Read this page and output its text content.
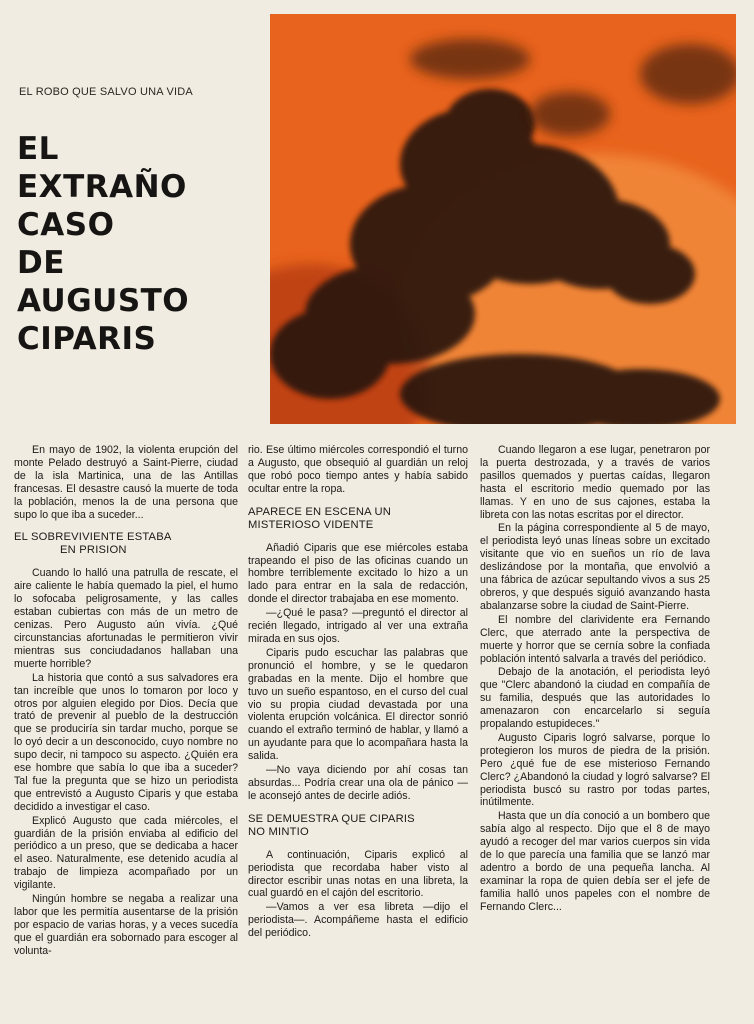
EL ROBO QUE SALVO UNA VIDA
EL
EXTRAÑO
CASO
DE
AUGUSTO
CIPARIS

En mayo de 1902, la violenta erupción del monte Pelado destruyó a Saint-Pierre, ciudad de la isla Martinica, una de las Antillas francesas. El desastre causó la muerte de toda la población, menos la de una persona que supo lo que iba a suceder...

EL SOBREVIVIENTE ESTABA
EN PRISION

Cuando lo halló una patrulla de rescate, el aire caliente le había quemado la piel, el humo lo sofocaba peligrosamente, y las calles estaban cubiertas con más de un metro de cenizas. Pero Augusto aún vivía. ¿Qué circunstancias afortunadas le permitieron vivir mientras sus conciudadanos hallaban una muerte horrible?

La historia que contó a sus salvadores era tan increíble que unos lo tomaron por loco y otros por alguien elegido por Dios. Decía que trató de prevenir al pueblo de la destrucción que se produciría sin tardar mucho, porque se lo oyó decir a un desconocido, cuyo nombre no supo decir, ni tampoco su aspecto. ¿Quién era ese hombre que sabía lo que iba a suceder? Tal fue la pregunta que se hizo un periodista que entrevistó a Augusto Ciparis y que estaba decidido a investigar el caso.

Explicó Augusto que cada miércoles, el guardián de la prisión enviaba al edificio del periódico a un preso, que se dedicaba a hacer el aseo. Naturalmente, ese detenido acudía al trabajo de limpieza acompañado por un vigilante.

Ningún hombre se negaba a realizar una labor que les permitía ausentarse de la prisión por espacio de varias horas, y a veces sucedía que el guardián era sobornado para escoger al volunta-

rio. Ese último miércoles correspondió el turno a Augusto, que obsequió al guardián un reloj que robó poco tiempo antes y había sabido ocultar entre la ropa.

APARECE EN ESCENA UN
MISTERIOSO VIDENTE

Añadió Ciparis que ese miércoles estaba trapeando el piso de las oficinas cuando un hombre terriblemente excitado lo hizo a un lado para entrar en la sala de redacción, donde el director trabajaba en ese momento.

—¿Qué le pasa? —preguntó el director al recién llegado, intrigado al ver una extraña mirada en sus ojos.

Ciparis pudo escuchar las palabras que pronunció el hombre, y se le quedaron grabadas en la mente. Dijo el hombre que tuvo un sueño espantoso, en el curso del cual vio su propia ciudad devastada por una violenta erupción volcánica. El director sonrió cuando el extraño terminó de hablar, y llamó a un ayudante para que lo acompañara hasta la salida.

—No vaya diciendo por ahí cosas tan absurdas... Podría crear una ola de pánico —le aconsejó antes de decirle adiós.

SE DEMUESTRA QUE CIPARIS
NO MINTIO

A continuación, Ciparis explicó al periodista que recordaba haber visto al director escribir unas notas en una libreta, la cual guardó en el cajón del escritorio.

—Vamos a ver esa libreta —dijo el periodista—. Acompáñeme hasta el edificio del periódico.

Cuando llegaron a ese lugar, penetraron por la puerta destrozada, y a través de varios pasillos quemados y puertas caídas, llegaron hasta el escritorio medio quemado por las llamas. Y en uno de sus cajones, estaba la libreta con las notas escritas por el director.

En la página correspondiente al 5 de mayo, el periodista leyó unas líneas sobre un excitado visitante que vio en sueños un río de lava deslizándose por la montaña, que envolvió a una fábrica de azúcar sepultando vivos a sus 25 obreros, y que después siguió avanzando hasta abalanzarse sobre la ciudad de Saint-Pierre.

El nombre del clarividente era Fernando Clerc, que aterrado ante la perspectiva de muerte y horror que se cernía sobre la confiada población intentó salvarla a través del periódico.

Debajo de la anotación, el periodista leyó que "Clerc abandonó la ciudad en compañía de su familia, después que las autoridades lo amenazaron con encarcelarlo si seguía propalando estupideces."

Augusto Ciparis logró salvarse, porque lo protegieron los muros de piedra de la prisión. Pero ¿qué fue de ese misterioso Fernando Clerc? ¿Abandonó la ciudad y logró salvarse? El periodista buscó su rastro por todas partes, inútilmente.

Hasta que un día conoció a un bombero que sabía algo al respecto. Dijo que el 8 de mayo ayudó a recoger del mar varios cuerpos sin vida de lo que parecía una familia que se lanzó mar adentro a bordo de una pequeña lancha. Al examinar la ropa de quien debía ser el jefe de familia halló unos papeles con el nombre de Fernando Clerc...
